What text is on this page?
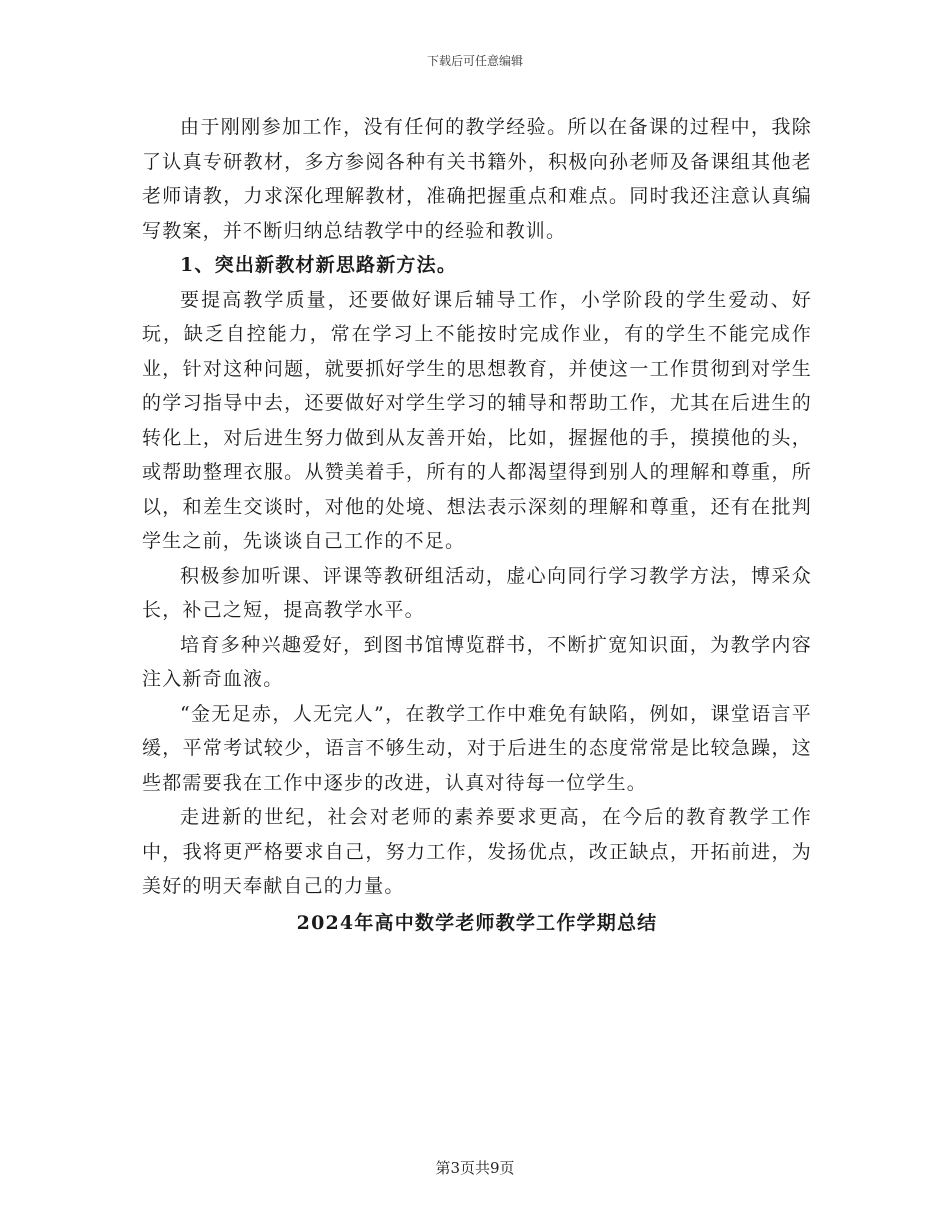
下载后可任意编辑

由于刚刚参加工作，没有任何的教学经验。所以在备课的过程中，我除了认真专研教材，多方参阅各种有关书籍外，积极向孙老师及备课组其他老老师请教，力求深化理解教材，准确把握重点和难点。同时我还注意认真编写教案，并不断归纳总结教学中的经验和教训。

1、突出新教材新思路新方法。

要提高教学质量，还要做好课后辅导工作，小学阶段的学生爱动、好玩，缺乏自控能力，常在学习上不能按时完成作业，有的学生不能完成作业，针对这种问题，就要抓好学生的思想教育，并使这一工作贯彻到对学生的学习指导中去，还要做好对学生学习的辅导和帮助工作，尤其在后进生的转化上，对后进生努力做到从友善开始，比如，握握他的手，摸摸他的头，或帮助整理衣服。从赞美着手，所有的人都渴望得到别人的理解和尊重，所以，和差生交谈时，对他的处境、想法表示深刻的理解和尊重，还有在批判学生之前，先谈谈自己工作的不足。

积极参加听课、评课等教研组活动，虚心向同行学习教学方法，博采众长，补己之短，提高教学水平。

培育多种兴趣爱好，到图书馆博览群书，不断扩宽知识面，为教学内容注入新奇血液。

“金无足赤，人无完人”，在教学工作中难免有缺陷，例如，课堂语言平缓，平常考试较少，语言不够生动，对于后进生的态度常常是比较急躁，这些都需要我在工作中逐步的改进，认真对待每一位学生。

走进新的世纪，社会对老师的素养要求更高，在今后的教育教学工作中，我将更严格要求自己，努力工作，发扬优点，改正缺点，开拓前进，为美好的明天奉献自己的力量。

2024年高中数学老师教学工作学期总结

第3页共9页
